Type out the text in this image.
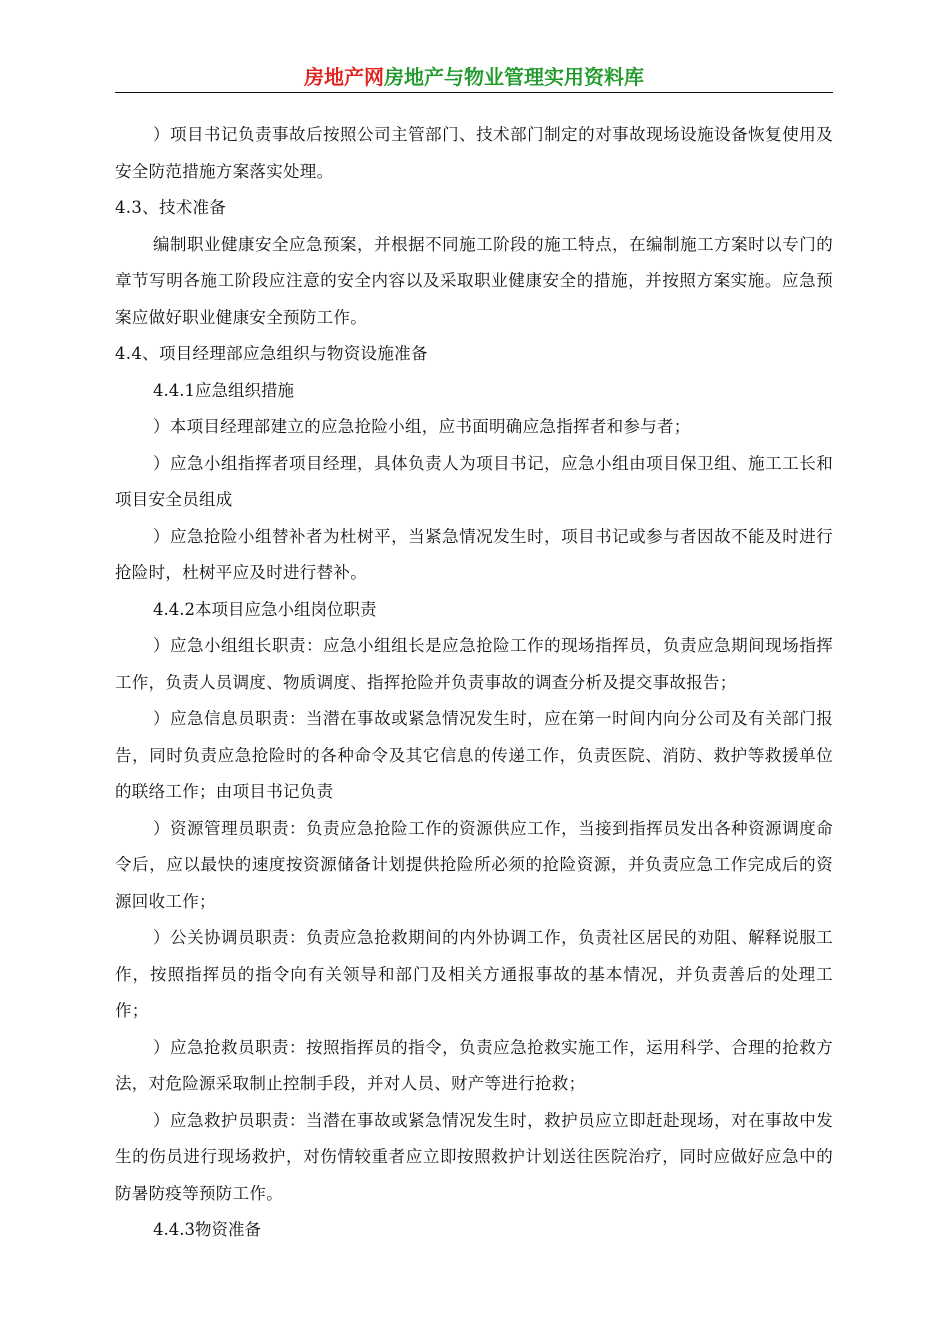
房地产网房地产与物业管理实用资料库

）项目书记负责事故后按照公司主管部门、技术部门制定的对事故现场设施设备恢复使用及安全防范措施方案落实处理。

4.3、技术准备

编制职业健康安全应急预案，并根据不同施工阶段的施工特点，在编制施工方案时以专门的章节写明各施工阶段应注意的安全内容以及采取职业健康安全的措施，并按照方案实施。应急预案应做好职业健康安全预防工作。

4.4、项目经理部应急组织与物资设施准备

4.4.1应急组织措施

）本项目经理部建立的应急抢险小组，应书面明确应急指挥者和参与者；

）应急小组指挥者项目经理，具体负责人为项目书记，应急小组由项目保卫组、施工工长和项目安全员组成

）应急抢险小组替补者为杜树平，当紧急情况发生时，项目书记或参与者因故不能及时进行抢险时，杜树平应及时进行替补。

4.4.2本项目应急小组岗位职责

）应急小组组长职责：应急小组组长是应急抢险工作的现场指挥员，负责应急期间现场指挥工作，负责人员调度、物质调度、指挥抢险并负责事故的调查分析及提交事故报告；

）应急信息员职责：当潜在事故或紧急情况发生时，应在第一时间内向分公司及有关部门报告，同时负责应急抢险时的各种命令及其它信息的传递工作，负责医院、消防、救护等救援单位的联络工作；由项目书记负责

）资源管理员职责：负责应急抢险工作的资源供应工作，当接到指挥员发出各种资源调度命令后，应以最快的速度按资源储备计划提供抢险所必须的抢险资源，并负责应急工作完成后的资源回收工作；

）公关协调员职责：负责应急抢救期间的内外协调工作，负责社区居民的劝阻、解释说服工作，按照指挥员的指令向有关领导和部门及相关方通报事故的基本情况，并负责善后的处理工作；

）应急抢救员职责：按照指挥员的指令，负责应急抢救实施工作，运用科学、合理的抢救方法，对危险源采取制止控制手段，并对人员、财产等进行抢救；

）应急救护员职责：当潜在事故或紧急情况发生时，救护员应立即赶赴现场，对在事故中发生的伤员进行现场救护，对伤情较重者应立即按照救护计划送往医院治疗，同时应做好应急中的防暑防疫等预防工作。

4.4.3物资准备
